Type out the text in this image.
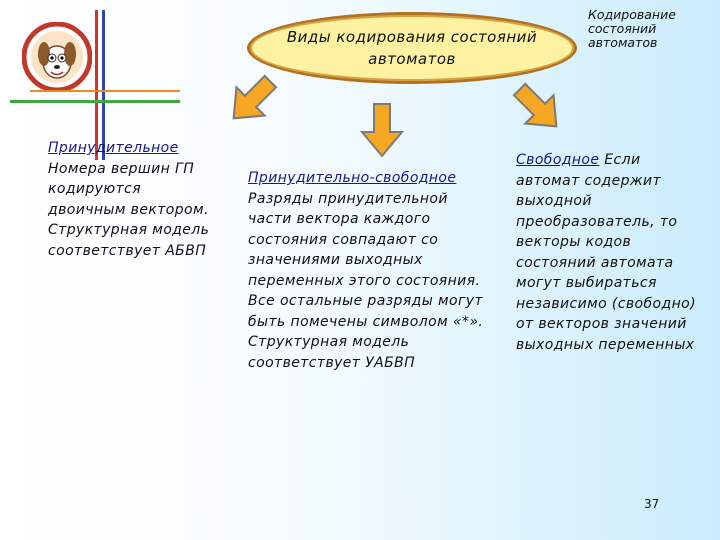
Виды кодирования состояний автоматов
Кодирование состояний автоматов
Принудительное
Номера вершин ГП кодируются двоичным вектором. Структурная модель соответствует АБВП
Принудительно-свободное
Разряды принудительной части вектора каждого состояния совпадают со значениями выходных переменных этого состояния. Все остальные разряды могут быть помечены символом «*». Структурная модель соответствует УАБВП
Свободное Если автомат содержит выходной преобразователь, то векторы кодов состояний автомата могут выбираться независимо (свободно) от векторов значений выходных переменных
37
